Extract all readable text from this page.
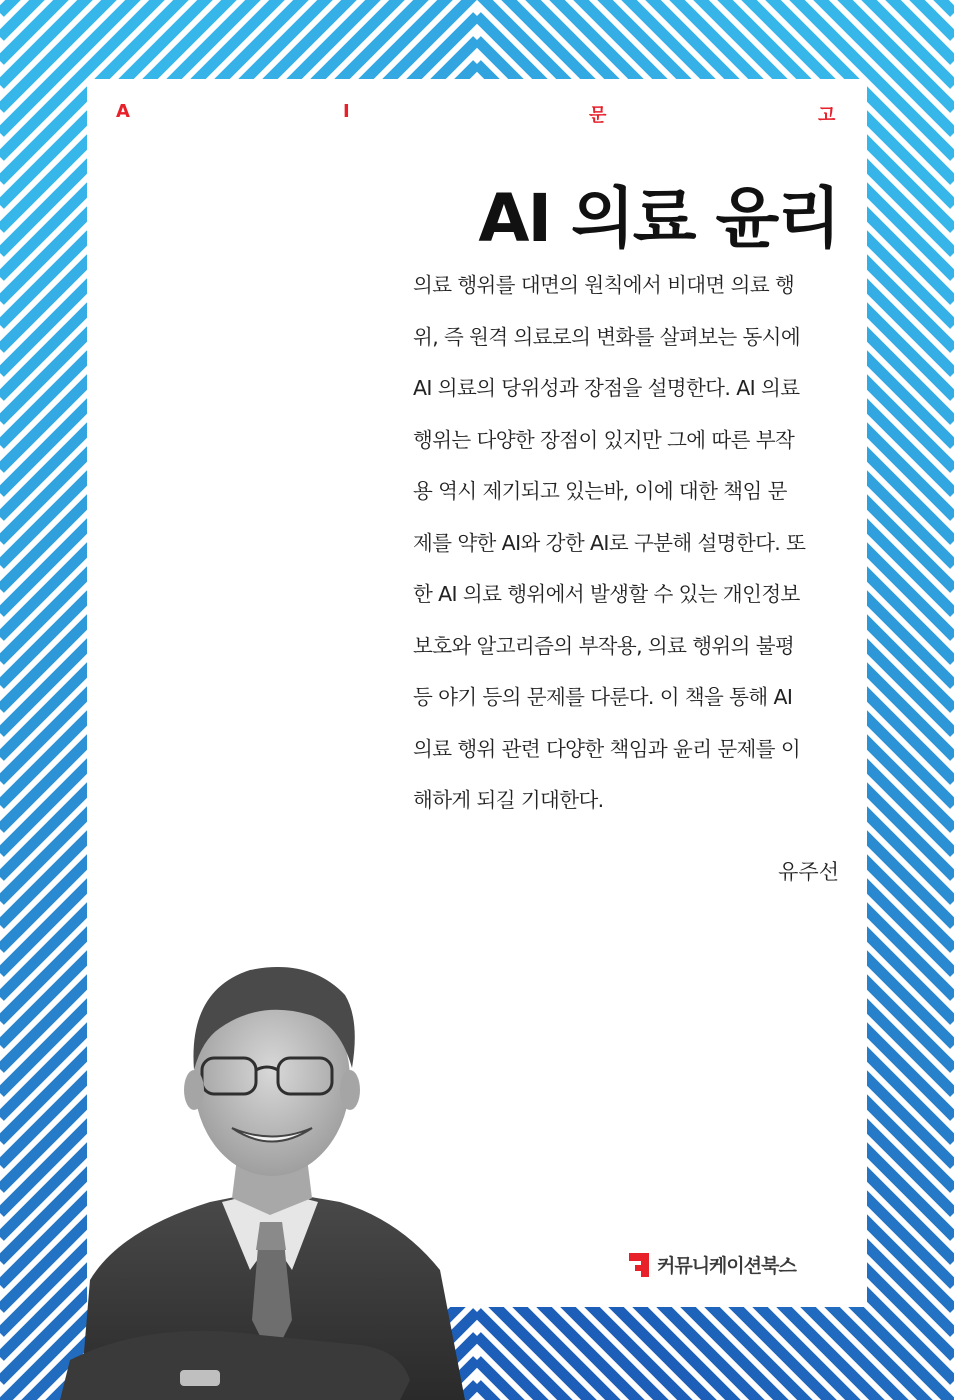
A	I	문	고
AI 의료 윤리
의료 행위를 대면의 원칙에서 비대면 의료 행
위, 즉 원격 의료로의 변화를 살펴보는 동시에
AI 의료의 당위성과 장점을 설명한다. AI 의료
행위는 다양한 장점이 있지만 그에 따른 부작
용 역시 제기되고 있는바, 이에 대한 책임 문
제를 약한 AI와 강한 AI로 구분해 설명한다. 또
한 AI 의료 행위에서 발생할 수 있는 개인정보
보호와 알고리즘의 부작용, 의료 행위의 불평
등 야기 등의 문제를 다룬다. 이 책을 통해 AI
의료 행위 관련 다양한 책임과 윤리 문제를 이
해하게 되길 기대한다.
유주선
커뮤니케이션북스
